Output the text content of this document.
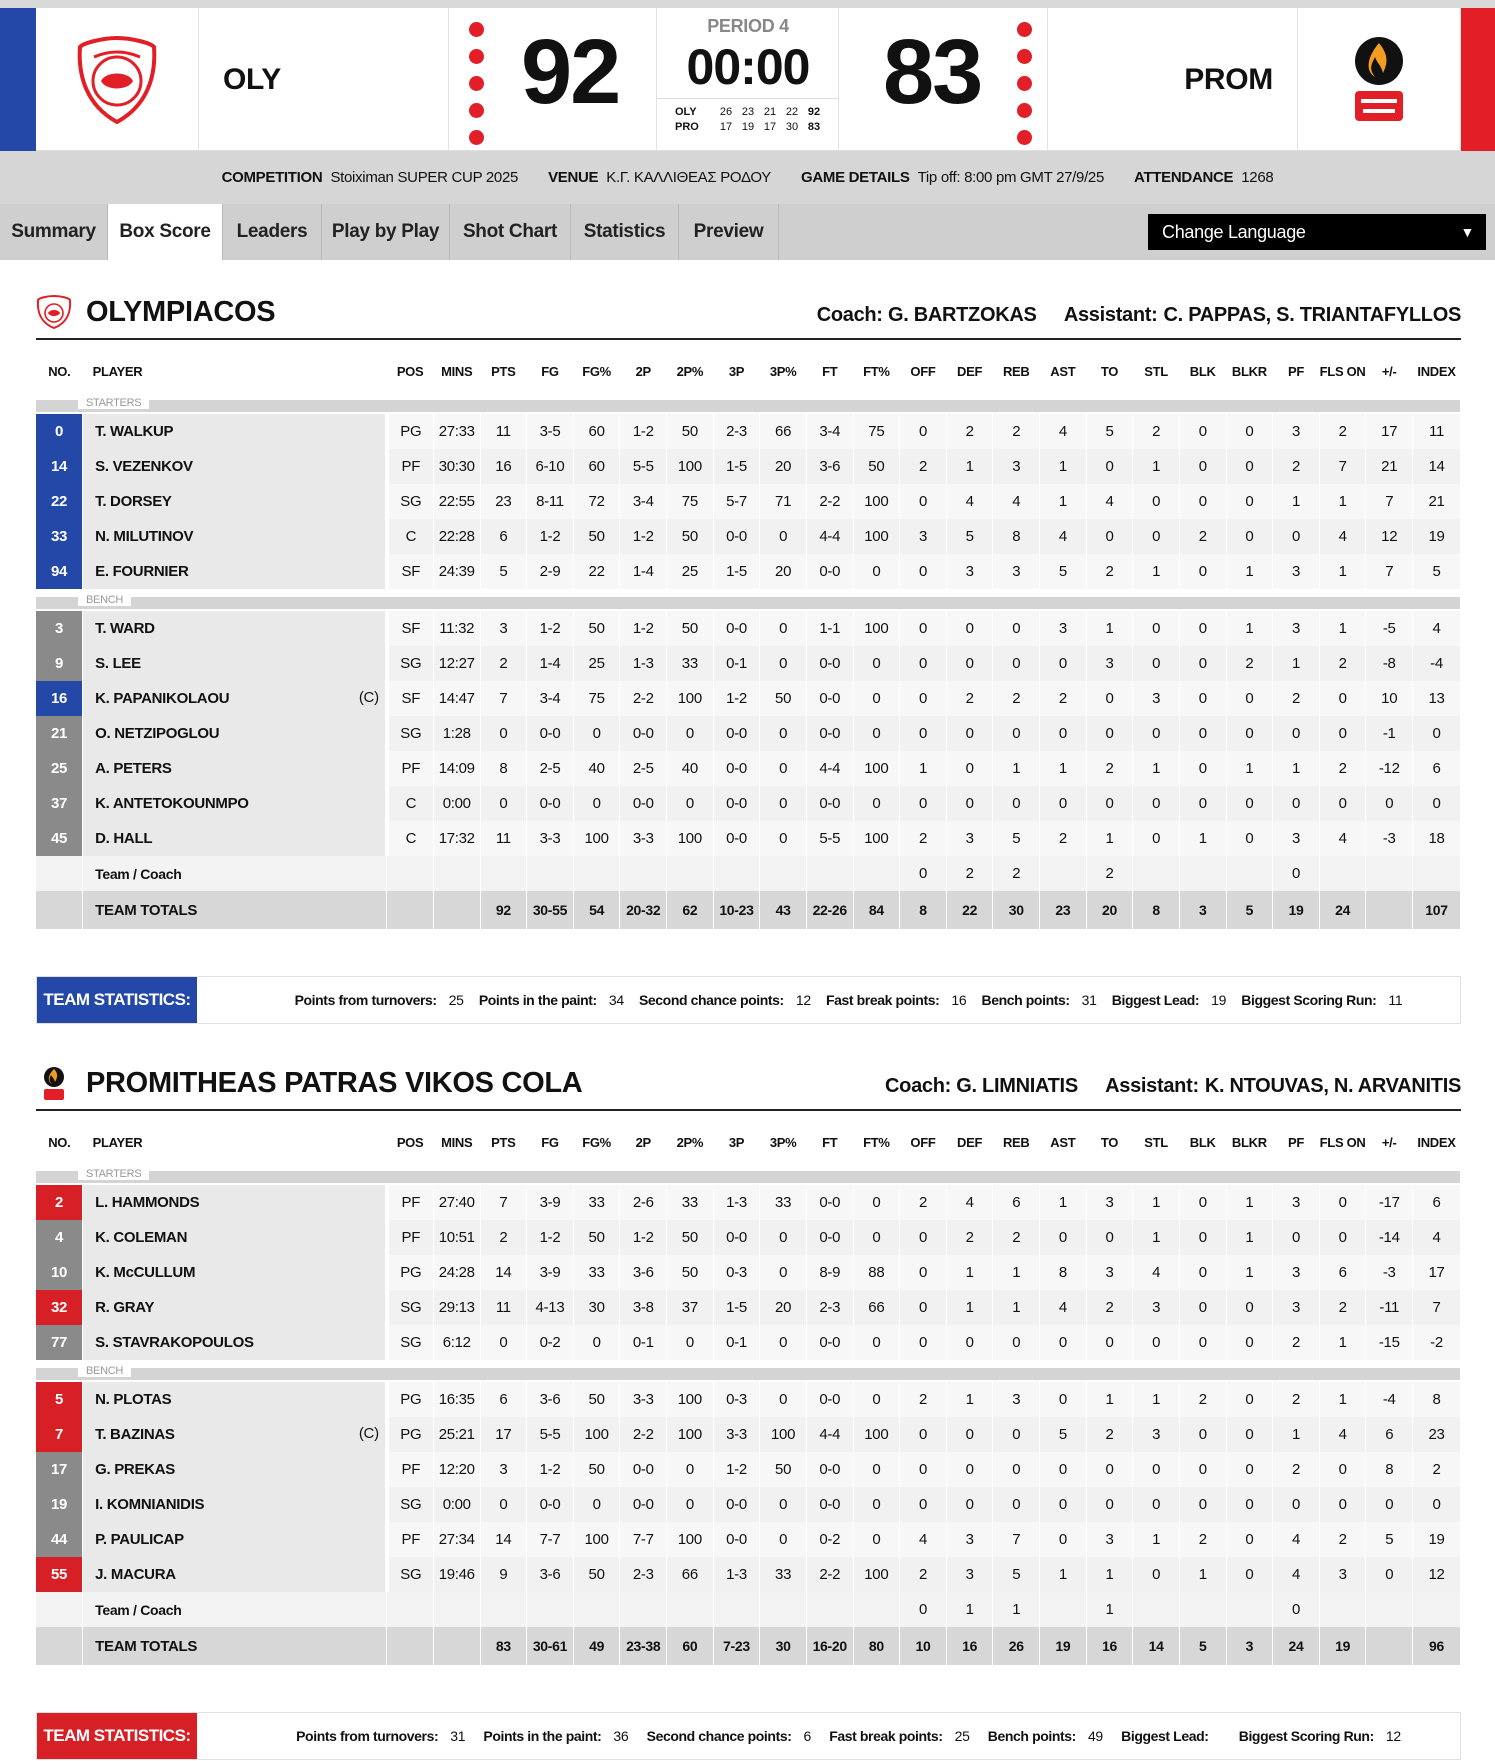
OLY	92	PERIOD 4
00:00
OLY	26 23 21 22 92
PRO	17 19 17 30 83
83	PROM
COMPETITION Stoiximan SUPER CUP 2025 VENUE Κ.Γ. ΚΑΛΛΙΘΕΑΣ ΡΟΔΟΥ GAME DETAILS Tip off: 8:00 pm GMT 27/9/25 ATTENDANCE 1268
Summary	Box Score	Leaders	Play by Play	Shot Chart	Statistics	Preview	Change Language	▼
OLYMPIACOS	Coach: G. BARTZOKAS Assistant: C. PAPPAS, S. TRIANTAFYLLOS
NO.	PLAYER	POS	MINS	PTS	FG	FG%	2P	2P%	3P	3P%	FT	FT%	OFF	DEF	REB	AST	TO	STL	BLK	BLKR	PF	FLS ON	+/-	INDEX

STARTERS																								

0	T. WALKUP	PG	27:33	11	3-5	60	1-2	50	2-3	66	3-4	75	0	2	2	4	5	2	0	0	3	2	17	11
14	S. VEZENKOV	PF	30:30	16	6-10	60	5-5	100	1-5	20	3-6	50	2	1	3	1	0	1	0	0	2	7	21	14
22	T. DORSEY	SG	22:55	23	8-11	72	3-4	75	5-7	71	2-2	100	0	4	4	1	4	0	0	0	1	1	7	21
33	N. MILUTINOV	C	22:28	6	1-2	50	1-2	50	0-0	0	4-4	100	3	5	8	4	0	0	2	0	0	4	12	19
94	E. FOURNIER	SF	24:39	5	2-9	22	1-4	25	1-5	20	0-0	0	0	3	3	5	2	1	0	1	3	1	7	5

BENCH																								

3	T. WARD	SF	11:32	3	1-2	50	1-2	50	0-0	0	1-1	100	0	0	0	3	1	0	0	1	3	1	-5	4
9	S. LEE	SG	12:27	2	1-4	25	1-3	33	0-1	0	0-0	0	0	0	0	0	3	0	0	2	1	2	-8	-4
16	K. PAPANIKOLAOU (C)	SF	14:47	7	3-4	75	2-2	100	1-2	50	0-0	0	0	2	2	2	0	3	0	0	2	0	10	13
21	O. NETZIPOGLOU	SG	1:28	0	0-0	0	0-0	0	0-0	0	0-0	0	0	0	0	0	0	0	0	0	0	0	-1	0
25	A. PETERS	PF	14:09	8	2-5	40	2-5	40	0-0	0	4-4	100	1	0	1	1	2	1	0	1	1	2	-12	6
37	K. ANTETOKOUNMPO	C	0:00	0	0-0	0	0-0	0	0-0	0	0-0	0	0	0	0	0	0	0	0	0	0	0	0	0
45	D. HALL	C	17:32	11	3-3	100	3-3	100	0-0	0	5-5	100	2	3	5	2	1	0	1	0	3	4	-3	18
	Team / Coach												0	2	2		2				0			
	TEAM TOTALS			92	30-55	54	20-32	62	10-23	43	22-26	84	8	22	30	23	20	8	3	5	19	24		107
TEAM STATISTICS:	Points from turnovers: 25 Points in the paint: 34 Second chance points: 12 Fast break points: 16 Bench points: 31 Biggest Lead: 19 Biggest Scoring Run: 11
PROMITHEAS PATRAS VIKOS COLA	Coach: G. LIMNIATIS Assistant: K. NTOUVAS, N. ARVANITIS
NO.	PLAYER	POS	MINS	PTS	FG	FG%	2P	2P%	3P	3P%	FT	FT%	OFF	DEF	REB	AST	TO	STL	BLK	BLKR	PF	FLS ON	+/-	INDEX

STARTERS																								

2	L. HAMMONDS	PF	27:40	7	3-9	33	2-6	33	1-3	33	0-0	0	2	4	6	1	3	1	0	1	3	0	-17	6
4	K. COLEMAN	PF	10:51	2	1-2	50	1-2	50	0-0	0	0-0	0	0	2	2	0	0	1	0	1	0	0	-14	4
10	K. McCULLUM	PG	24:28	14	3-9	33	3-6	50	0-3	0	8-9	88	0	1	1	8	3	4	0	1	3	6	-3	17
32	R. GRAY	SG	29:13	11	4-13	30	3-8	37	1-5	20	2-3	66	0	1	1	4	2	3	0	0	3	2	-11	7
77	S. STAVRAKOPOULOS	SG	6:12	0	0-2	0	0-1	0	0-1	0	0-0	0	0	0	0	0	0	0	0	0	2	1	-15	-2

BENCH																								

5	N. PLOTAS	PG	16:35	6	3-6	50	3-3	100	0-3	0	0-0	0	2	1	3	0	1	1	2	0	2	1	-4	8
7	T. BAZINAS (C)	PG	25:21	17	5-5	100	2-2	100	3-3	100	4-4	100	0	0	0	5	2	3	0	0	1	4	6	23
17	G. PREKAS	PF	12:20	3	1-2	50	0-0	0	1-2	50	0-0	0	0	0	0	0	0	0	0	0	2	0	8	2
19	I. KOMNIANIDIS	SG	0:00	0	0-0	0	0-0	0	0-0	0	0-0	0	0	0	0	0	0	0	0	0	0	0	0	0
44	P. PAULICAP	PF	27:34	14	7-7	100	7-7	100	0-0	0	0-2	0	4	3	7	0	3	1	2	0	4	2	5	19
55	J. MACURA	SG	19:46	9	3-6	50	2-3	66	1-3	33	2-2	100	2	3	5	1	1	0	1	0	4	3	0	12
	Team / Coach												0	1	1		1				0			
	TEAM TOTALS			83	30-61	49	23-38	60	7-23	30	16-20	80	10	16	26	19	16	14	5	3	24	19		96
TEAM STATISTICS:	Points from turnovers: 31 Points in the paint: 36 Second chance points: 6 Fast break points: 25 Bench points: 49 Biggest Lead:	Biggest Scoring Run: 12
